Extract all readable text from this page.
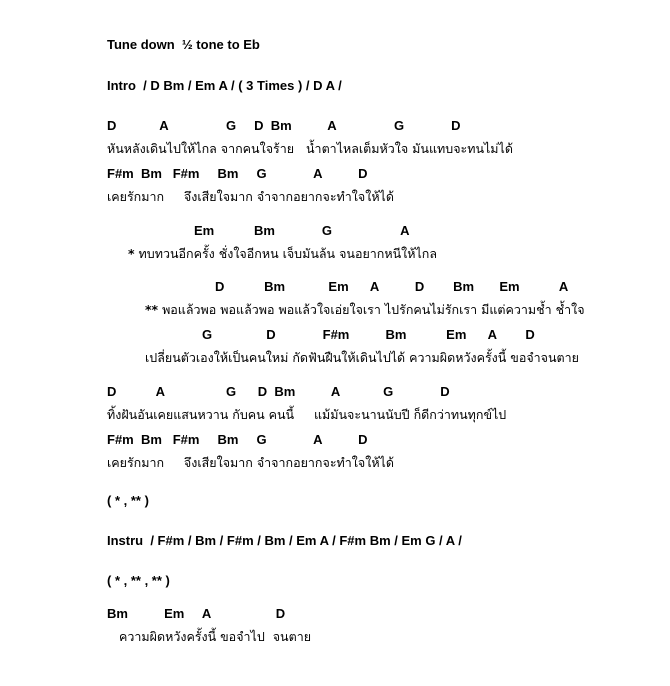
Tune down  ½ tone to Eb
Intro  / D Bm / Em A / ( 3 Times ) / D A /
D            A                G     D  Bm          A                G             D
หันหลังเดินไปให้ไกล จากคนใจร้าย   น้ำตาไหลเต็มหัวใจ มันแทบจะทนไม่ได้
F#m  Bm   F#m     Bm     G             A          D
เคยรักมาก     จึงเสียใจมาก จำจากอยากจะทำใจให้ได้
Em           Bm             G                   A
* ทบทวนอีกครั้ง ชั่งใจอีกหน เจ็บมันล้น จนอยากหนีให้ไกล
D           Bm            Em      A          D        Bm       Em           A
** พอแล้วพอ พอแล้วพอ พอแล้วใจเอ่ยใจเรา ไปรักคนไม่รักเรา มีแต่ความช้ำ ช้ำใจ
G               D             F#m          Bm           Em      A        D
เปลี่ยนตัวเองให้เป็นคนใหม่ กัดฟันฝืนให้เดินไปได้ ความผิดหวังครั้งนี้ ขอจำจนตาย
D           A                 G      D  Bm          A            G             D
ทิ้งฝันอันเคยแสนหวาน กับคน คนนี้     แม้มันจะนานนับปี ก็ดีกว่าทนทุกข์ไป
F#m  Bm   F#m     Bm     G             A          D
เคยรักมาก     จึงเสียใจมาก จำจากอยากจะทำใจให้ได้
( * , ** )
Instru  / F#m / Bm / F#m / Bm / Em A / F#m Bm / Em G / A /
( * , ** , ** )
Bm          Em     A                  D
ความผิดหวังครั้งนี้ ขอจำไป  จนตาย
